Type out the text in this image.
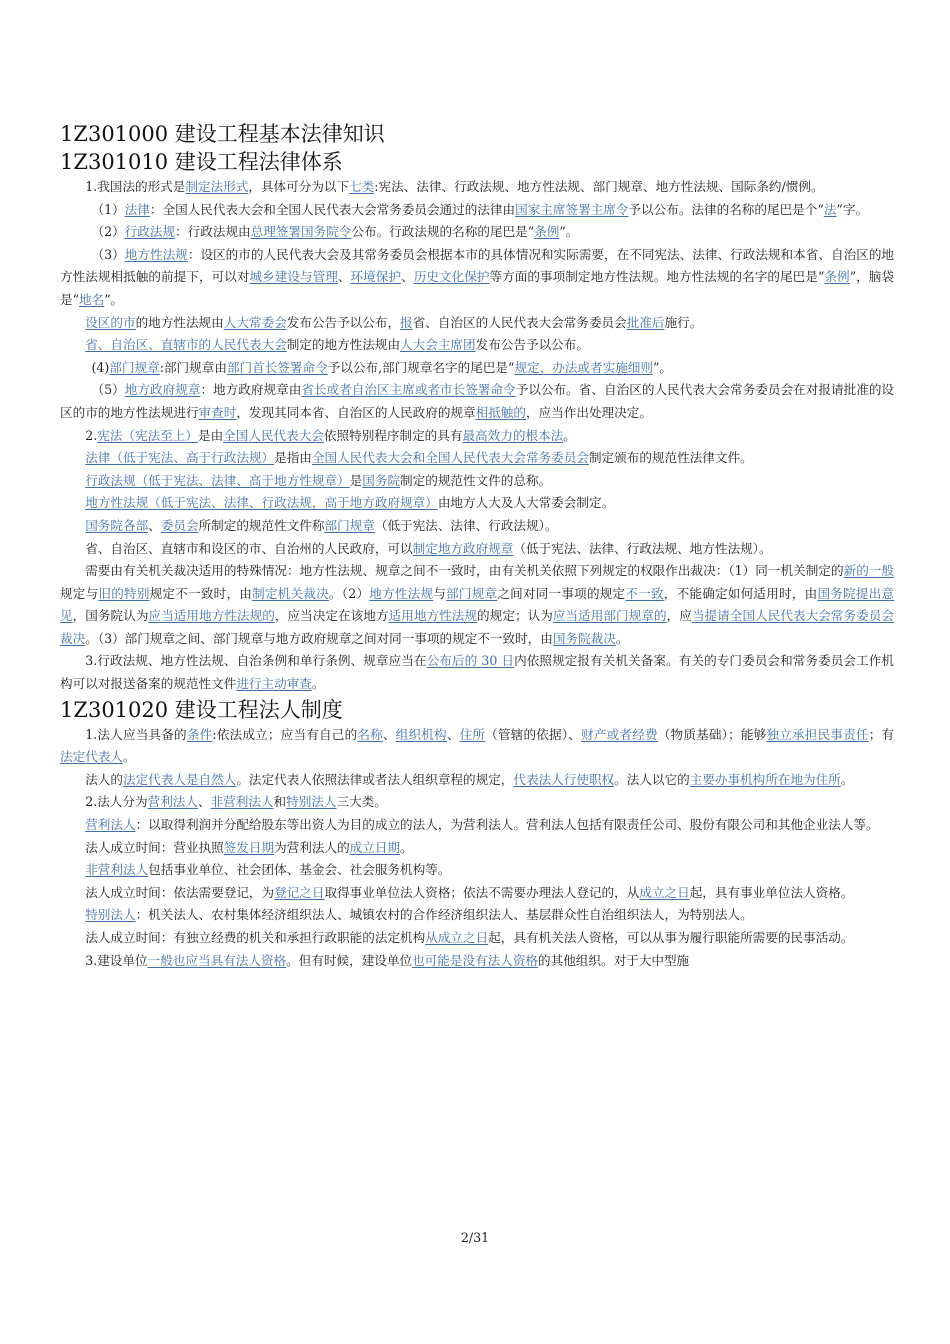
1Z301000 建设工程基本法律知识
1Z301010 建设工程法律体系

1.我国法的形式是制定法形式，具体可分为以下七类:宪法、法律、行政法规、地方性法规、部门规章、地方性法规、国际条约/惯例。

（1）法律：全国人民代表大会和全国人民代表大会常务委员会通过的法律由国家主席签署主席令予以公布。法律的名称的尾巴是个“法”字。

（2）行政法规：行政法规由总理签署国务院令公布。行政法规的名称的尾巴是“条例”。

（3）地方性法规：设区的市的人民代表大会及其常务委员会根据本市的具体情况和实际需要，在不同宪法、法律、行政法规和本省、自治区的地方性法规相抵触的前提下，可以对城乡建设与管理、环境保护、历史文化保护等方面的事项制定地方性法规。地方性法规的名字的尾巴是“条例”，脑袋是“地名”。

设区的市的地方性法规由人大常委会发布公告予以公布，报省、自治区的人民代表大会常务委员会批准后施行。

省、自治区、直辖市的人民代表大会制定的地方性法规由人大会主席团发布公告予以公布。

(4)部门规章:部门规章由部门首长签署命令予以公布,部门规章名字的尾巴是“规定、办法或者实施细则”。

（5）地方政府规章：地方政府规章由省长或者自治区主席或者市长签署命令予以公布。省、自治区的人民代表大会常务委员会在对报请批准的设区的市的地方性法规进行审查时，发现其同本省、自治区的人民政府的规章相抵触的，应当作出处理决定。

2.宪法（宪法至上）是由全国人民代表大会依照特别程序制定的具有最高效力的根本法。

法律（低于宪法、高于行政法规）是指由全国人民代表大会和全国人民代表大会常务委员会制定颁布的规范性法律文件。

行政法规（低于宪法、法律、高于地方性规章）是国务院制定的规范性文件的总称。

地方性法规（低于宪法、法律、行政法规，高于地方政府规章）由地方人大及人大常委会制定。

国务院各部、委员会所制定的规范性文件称部门规章（低于宪法、法律、行政法规）。

省、自治区、直辖市和设区的市、自治州的人民政府，可以制定地方政府规章（低于宪法、法律、行政法规、地方性法规）。

需要由有关机关裁决适用的特殊情况：地方性法规、规章之间不一致时，由有关机关依照下列规定的权限作出裁决：（1）同一机关制定的新的一般规定与旧的特别规定不一致时，由制定机关裁决。（2）地方性法规与部门规章之间对同一事项的规定不一致，不能确定如何适用时，由国务院提出意见，国务院认为应当适用地方性法规的，应当决定在该地方适用地方性法规的规定；认为应当适用部门规章的，应当提请全国人民代表大会常务委员会裁决。（3）部门规章之间、部门规章与地方政府规章之间对同一事项的规定不一致时，由国务院裁决。

3.行政法规、地方性法规、自治条例和单行条例、规章应当在公布后的 30 日内依照规定报有关机关备案。有关的专门委员会和常务委员会工作机构可以对报送备案的规范性文件进行主动审查。

1Z301020 建设工程法人制度

1.法人应当具备的条件:依法成立；应当有自己的名称、组织机构、住所（管辖的依据）、财产或者经费（物质基础）；能够独立承担民事责任；有法定代表人。

法人的法定代表人是自然人。法定代表人依照法律或者法人组织章程的规定，代表法人行使职权。法人以它的主要办事机构所在地为住所。

2.法人分为营利法人、非营利法人和特别法人三大类。

营利法人：以取得利润并分配给股东等出资人为目的成立的法人，为营利法人。营利法人包括有限责任公司、股份有限公司和其他企业法人等。

法人成立时间：营业执照签发日期为营利法人的成立日期。

非营利法人包括事业单位、社会团体、基金会、社会服务机构等。

法人成立时间：依法需要登记，为登记之日取得事业单位法人资格；依法不需要办理法人登记的，从成立之日起，具有事业单位法人资格。

特别法人：机关法人、农村集体经济组织法人、城镇农村的合作经济组织法人、基层群众性自治组织法人，为特别法人。

法人成立时间：有独立经费的机关和承担行政职能的法定机构从成立之日起，具有机关法人资格，可以从事为履行职能所需要的民事活动。

3.建设单位一般也应当具有法人资格。但有时候，建设单位也可能是没有法人资格的其他组织。对于大中型施

2/31
